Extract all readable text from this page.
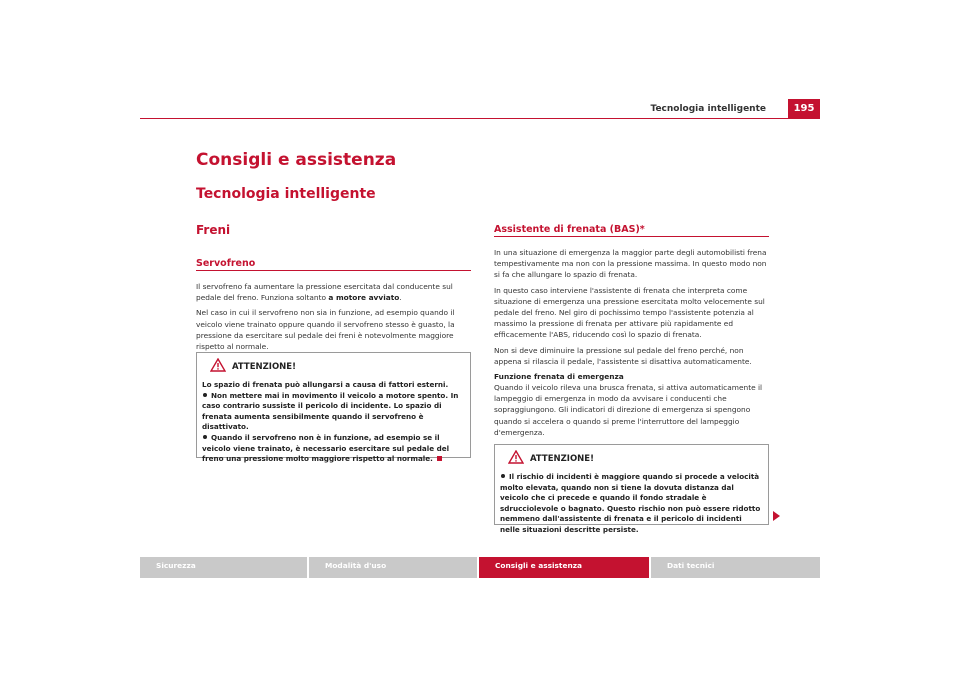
Tecnologia intelligente	195
Consigli e assistenza
Tecnologia intelligente
Freni
Servofreno

Il servofreno fa aumentare la pressione esercitata dal conducente sul pedale del freno. Funziona soltanto a motore avviato.

Nel caso in cui il servofreno non sia in funzione, ad esempio quando il veicolo viene trainato oppure quando il servofreno stesso è guasto, la pressione da esercitare sul pedale dei freni è notevolmente maggiore rispetto al normale.

ATTENZIONE!

Lo spazio di frenata può allungarsi a causa di fattori esterni.

Non mettere mai in movimento il veicolo a motore spento. In caso contrario sussiste il pericolo di incidente. Lo spazio di frenata aumenta sensibilmente quando il servofreno è disattivato.

Quando il servofreno non è in funzione, ad esempio se il veicolo viene trainato, è necessario esercitare sul pedale del freno una pressione molto maggiore rispetto al normale.

Assistente di frenata (BAS)*

In una situazione di emergenza la maggior parte degli automobilisti frena tempestivamente ma non con la pressione massima. In questo modo non si fa che allungare lo spazio di frenata.

In questo caso interviene l'assistente di frenata che interpreta come situazione di emergenza una pressione esercitata molto velocemente sul pedale del freno. Nel giro di pochissimo tempo l'assistente potenzia al massimo la pressione di frenata per attivare più rapidamente ed efficacemente l'ABS, riducendo così lo spazio di frenata.

Non si deve diminuire la pressione sul pedale del freno perché, non appena si rilascia il pedale, l'assistente si disattiva automaticamente.

Funzione frenata di emergenza

Quando il veicolo rileva una brusca frenata, si attiva automaticamente il lampeggio di emergenza in modo da avvisare i conducenti che sopraggiungono. Gli indicatori di direzione di emergenza si spengono quando si accelera o quando si preme l'interruttore del lampeggio d'emergenza.

ATTENZIONE!

Il rischio di incidenti è maggiore quando si procede a velocità molto elevata, quando non si tiene la dovuta distanza dal veicolo che ci precede e quando il fondo stradale è sdrucciolevole o bagnato. Questo rischio non può essere ridotto nemmeno dall'assistente di frenata e il pericolo di incidenti nelle situazioni descritte persiste.

Sicurezza	Modalità d'uso	Consigli e assistenza	Dati tecnici
